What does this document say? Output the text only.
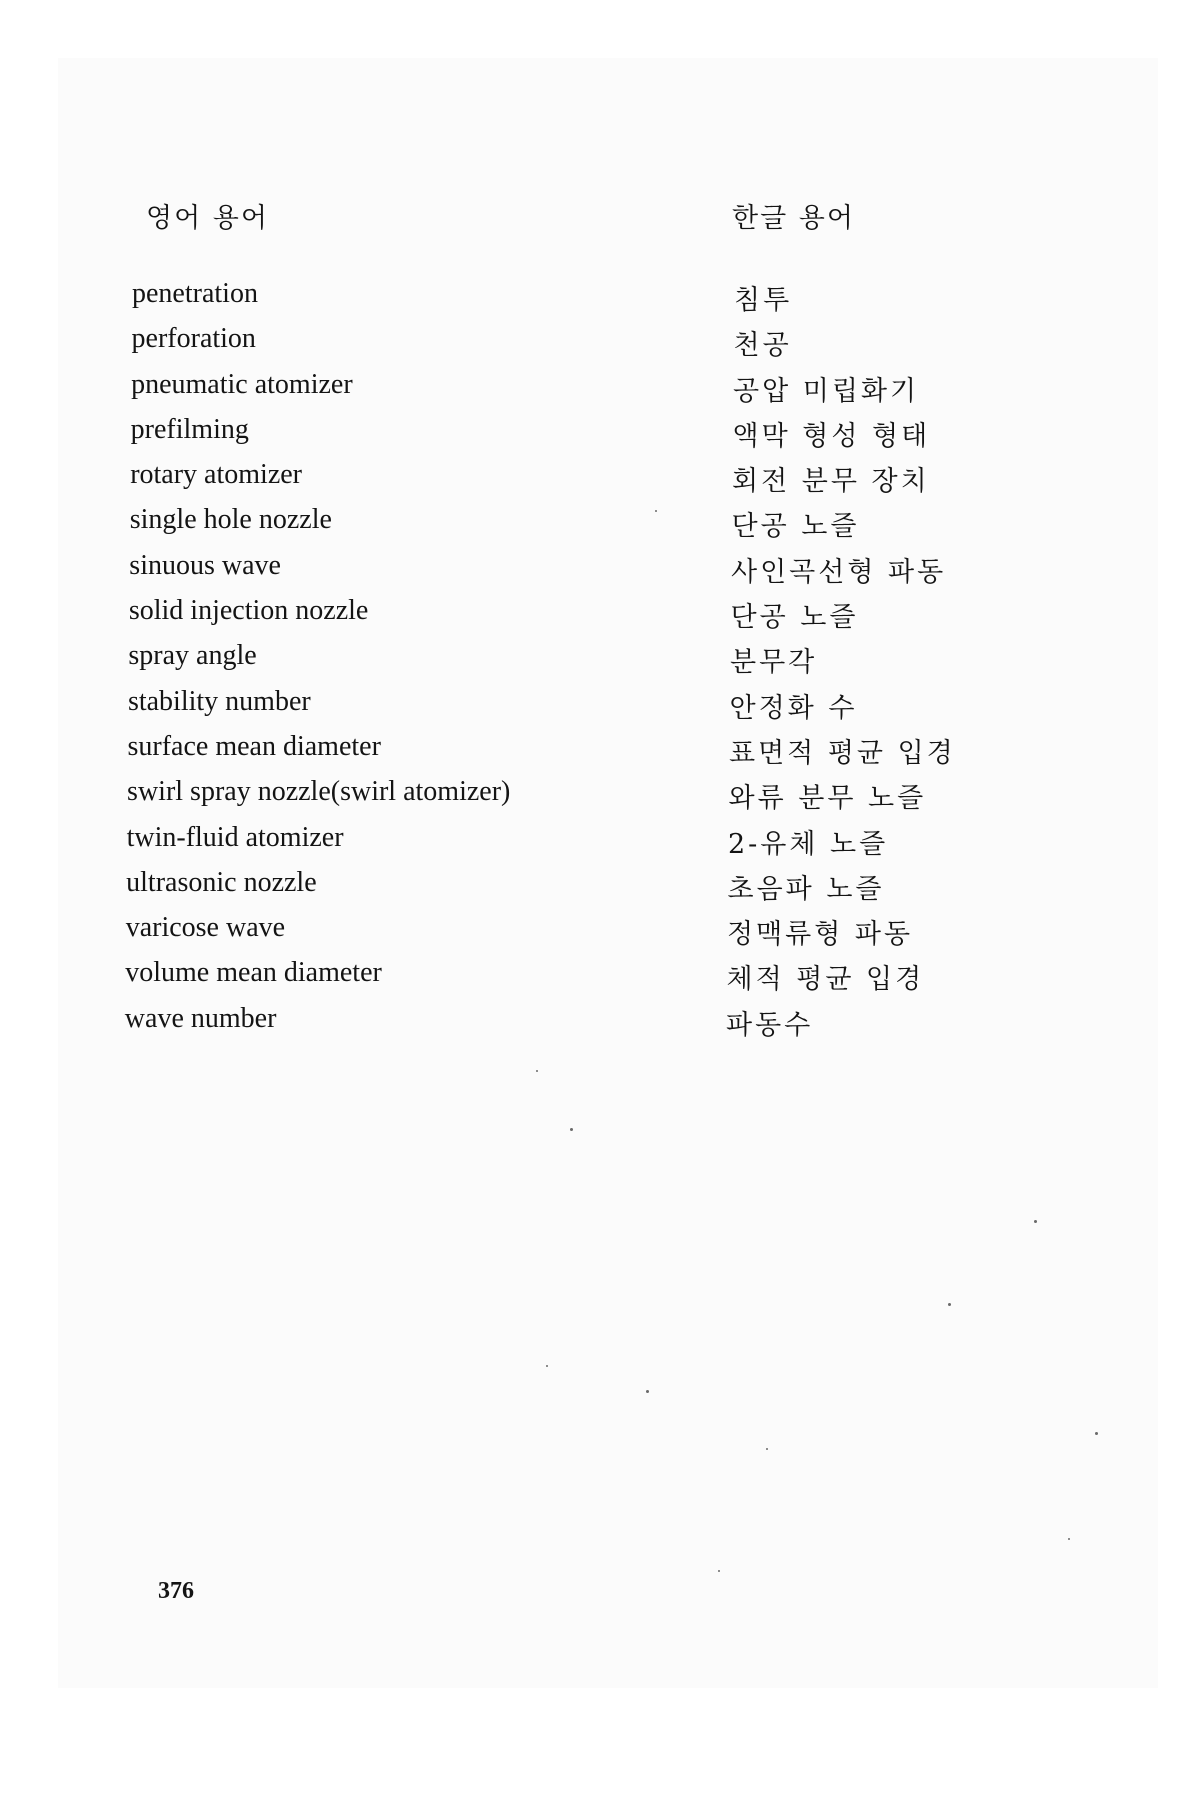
영어 용어	한글 용어
penetration	침투
perforation	천공
pneumatic atomizer	공압 미립화기
prefilming	액막 형성 형태
rotary atomizer	회전 분무 장치
single hole nozzle	단공 노즐
sinuous wave	사인곡선형 파동
solid injection nozzle	단공 노즐
spray angle	분무각
stability number	안정화 수
surface mean diameter	표면적 평균 입경
swirl spray nozzle(swirl atomizer)	와류 분무 노즐
twin-fluid atomizer	2-유체 노즐
ultrasonic nozzle	초음파 노즐
varicose wave	정맥류형 파동
volume mean diameter	체적 평균 입경
wave number	파동수
376
